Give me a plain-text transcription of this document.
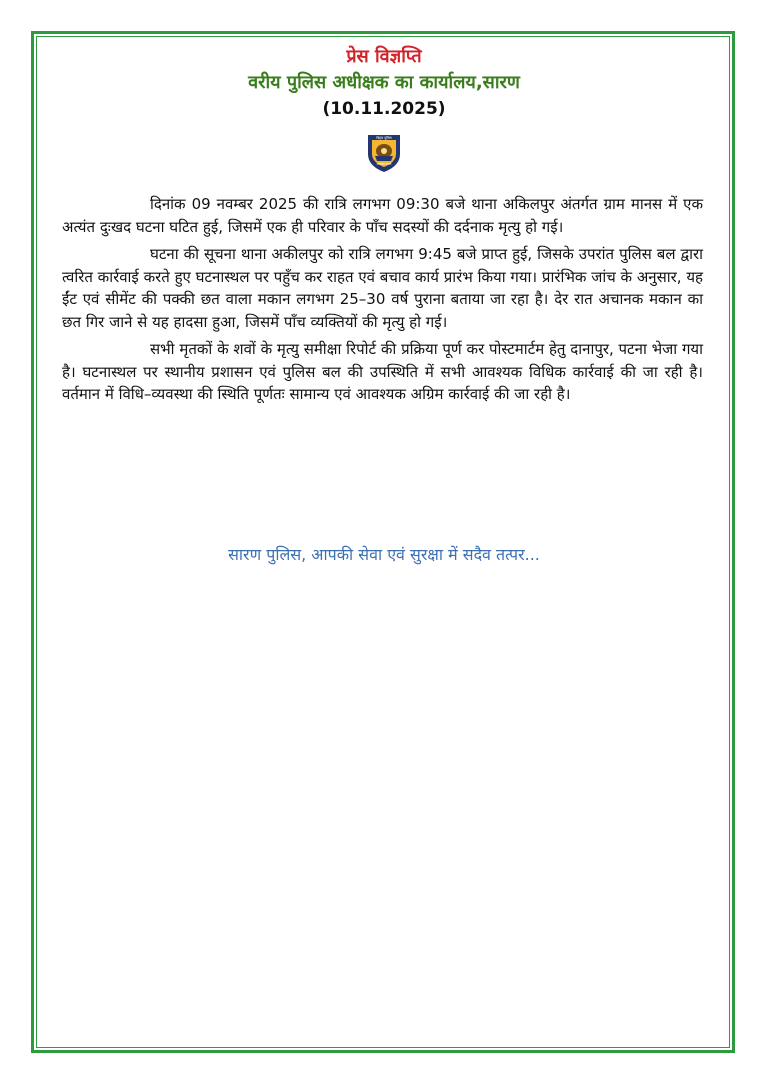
प्रेस विज्ञप्ति
वरीय पुलिस अधीक्षक का कार्यालय,सारण
(10.11.2025)
बिहार पुलिस
सत्यमेव जयते

दिनांक 09 नवम्बर 2025 की रात्रि लगभग 09:30 बजे थाना अकिलपुर अंतर्गत ग्राम मानस में एक अत्यंत दुःखद घटना घटित हुई, जिसमें एक ही परिवार के पाँच सदस्यों की दर्दनाक मृत्यु हो गई।

घटना की सूचना थाना अकीलपुर को रात्रि लगभग 9:45 बजे प्राप्त हुई, जिसके उपरांत पुलिस बल द्वारा त्वरित कार्रवाई करते हुए घटनास्थल पर पहुँच कर राहत एवं बचाव कार्य प्रारंभ किया गया। प्रारंभिक जांच के अनुसार, यह ईंट एवं सीमेंट की पक्की छत वाला मकान लगभग 25–30 वर्ष पुराना बताया जा रहा है। देर रात अचानक मकान का छत गिर जाने से यह हादसा हुआ, जिसमें पाँच व्यक्तियों की मृत्यु हो गई।

सभी मृतकों के शवों के मृत्यु समीक्षा रिपोर्ट की प्रक्रिया पूर्ण कर पोस्टमार्टम हेतु दानापुर, पटना भेजा गया है। घटनास्थल पर स्थानीय प्रशासन एवं पुलिस बल की उपस्थिति में सभी आवश्यक विधिक कार्रवाई की जा रही है।वर्तमान में विधि–व्यवस्था की स्थिति पूर्णतः सामान्य एवं आवश्यक अग्रिम कार्रवाई की जा रही है।

सारण पुलिस, आपकी सेवा एवं सुरक्षा में सदैव तत्पर...
